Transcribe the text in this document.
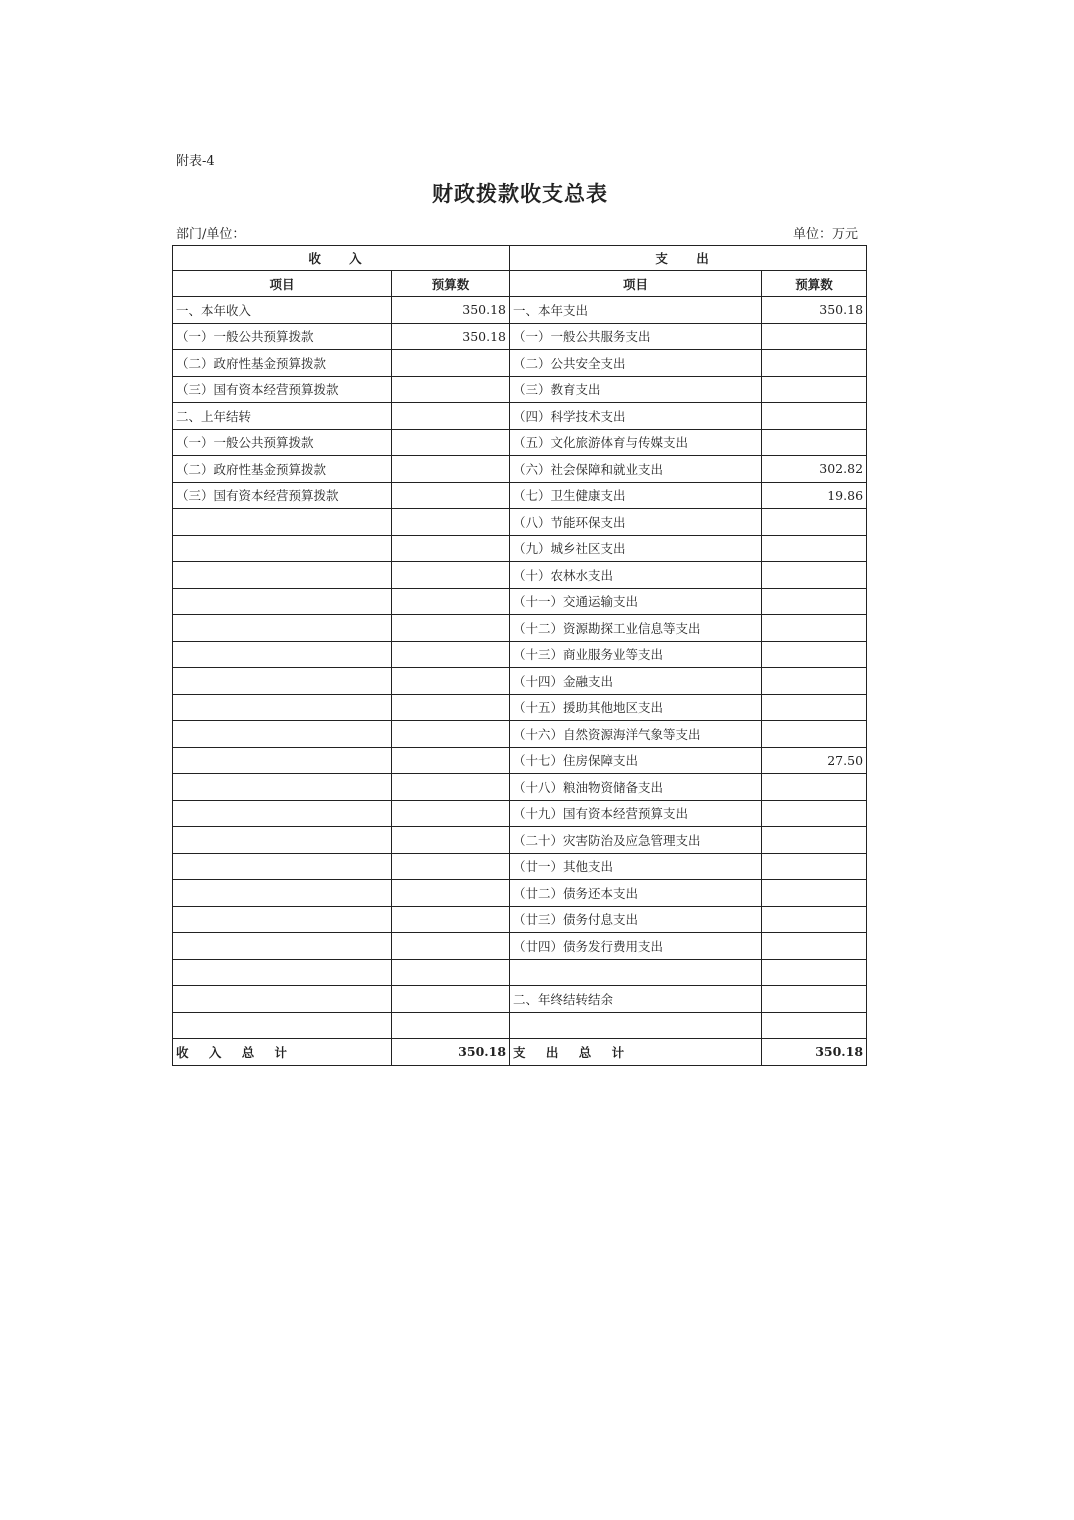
附表-4
财政拨款收支总表
部门/单位：	单位：万元
收 入		支 出	
项目	预算数	项目	预算数
一、本年收入	350.18	一、本年支出	350.18
（一）一般公共预算拨款	350.18	（一）一般公共服务支出	
（二）政府性基金预算拨款		（二）公共安全支出	
（三）国有资本经营预算拨款		（三）教育支出	
二、上年结转		（四）科学技术支出	
（一）一般公共预算拨款		（五）文化旅游体育与传媒支出	
（二）政府性基金预算拨款		（六）社会保障和就业支出	302.82
（三）国有资本经营预算拨款		（七）卫生健康支出	19.86
		（八）节能环保支出	
		（九）城乡社区支出	
		（十）农林水支出	
		（十一）交通运输支出	
		（十二）资源勘探工业信息等支出	
		（十三）商业服务业等支出	
		（十四）金融支出	
		（十五）援助其他地区支出	
		（十六）自然资源海洋气象等支出	
		（十七）住房保障支出	27.50
		（十八）粮油物资储备支出	
		（十九）国有资本经营预算支出	
		（二十）灾害防治及应急管理支出	
		（廿一）其他支出	
		（廿二）债务还本支出	
		（廿三）债务付息支出	
		（廿四）债务发行费用支出	

		二、年终结转结余	

收 入 总 计	350.18	支 出 总 计	350.18
